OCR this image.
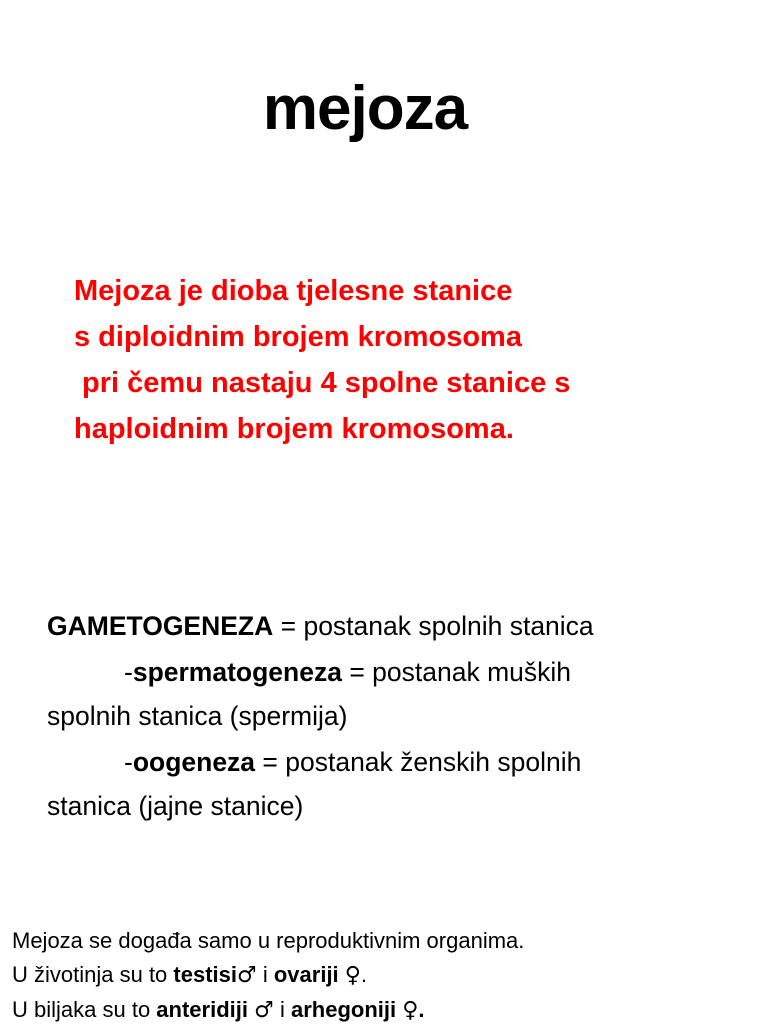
mejoza
Mejoza je dioba tjelesne stanice
s diploidnim brojem kromosoma
pri čemu nastaju 4 spolne stanice s
haploidnim brojem kromosoma.
GAMETOGENEZA = postanak spolnih stanica
-spermatogeneza = postanak muških
spolnih stanica (spermija)
-oogeneza = postanak ženskih spolnih
stanica (jajne stanice)
Mejoza se događa samo u reproduktivnim organima.
U životinja su to testisi♂ i ovariji ♀.
U biljaka su to anteridiji ♂ i arhegoniji ♀.
